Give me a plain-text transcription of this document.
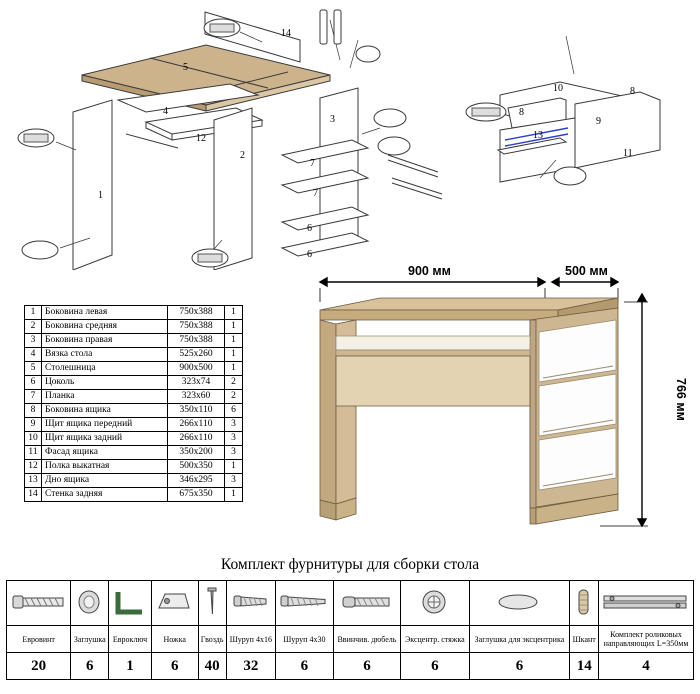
1
2
3
4
5
7
7
6
6
12
14
8
10
9
8
11
13
1	Боковина левая	750x388	1
2	Боковина средняя	750x388	1
3	Боковина правая	750x388	1
4	Вязка стола	525x260	1
5	Столешница	900x500	1
6	Цоколь	323x74	2
7	Планка	323x60	2
8	Боковина ящика	350x110	6
9	Щит ящика передний	266x110	3
10	Щит ящика задний	266x110	3
11	Фасад ящика	350x200	3
12	Полка выкатная	500x350	1
13	Дно ящика	346x295	3
14	Стенка задняя	675x350	1
900 мм	500 мм
766 мм
Комплект фурнитуры для сборки стола

Евровинт	Заглушка	Евроключ	Ножка	Гвоздь	Шуруп 4х16	Шуруп 4х30	Ввинчив. дюбель	Эксцентр. стяжка	Заглушка для эксцентрика	Шкант	Комплект роликовых направляющих L=350мм
20	6	1	6	40	32	6	6	6	6	14	4
